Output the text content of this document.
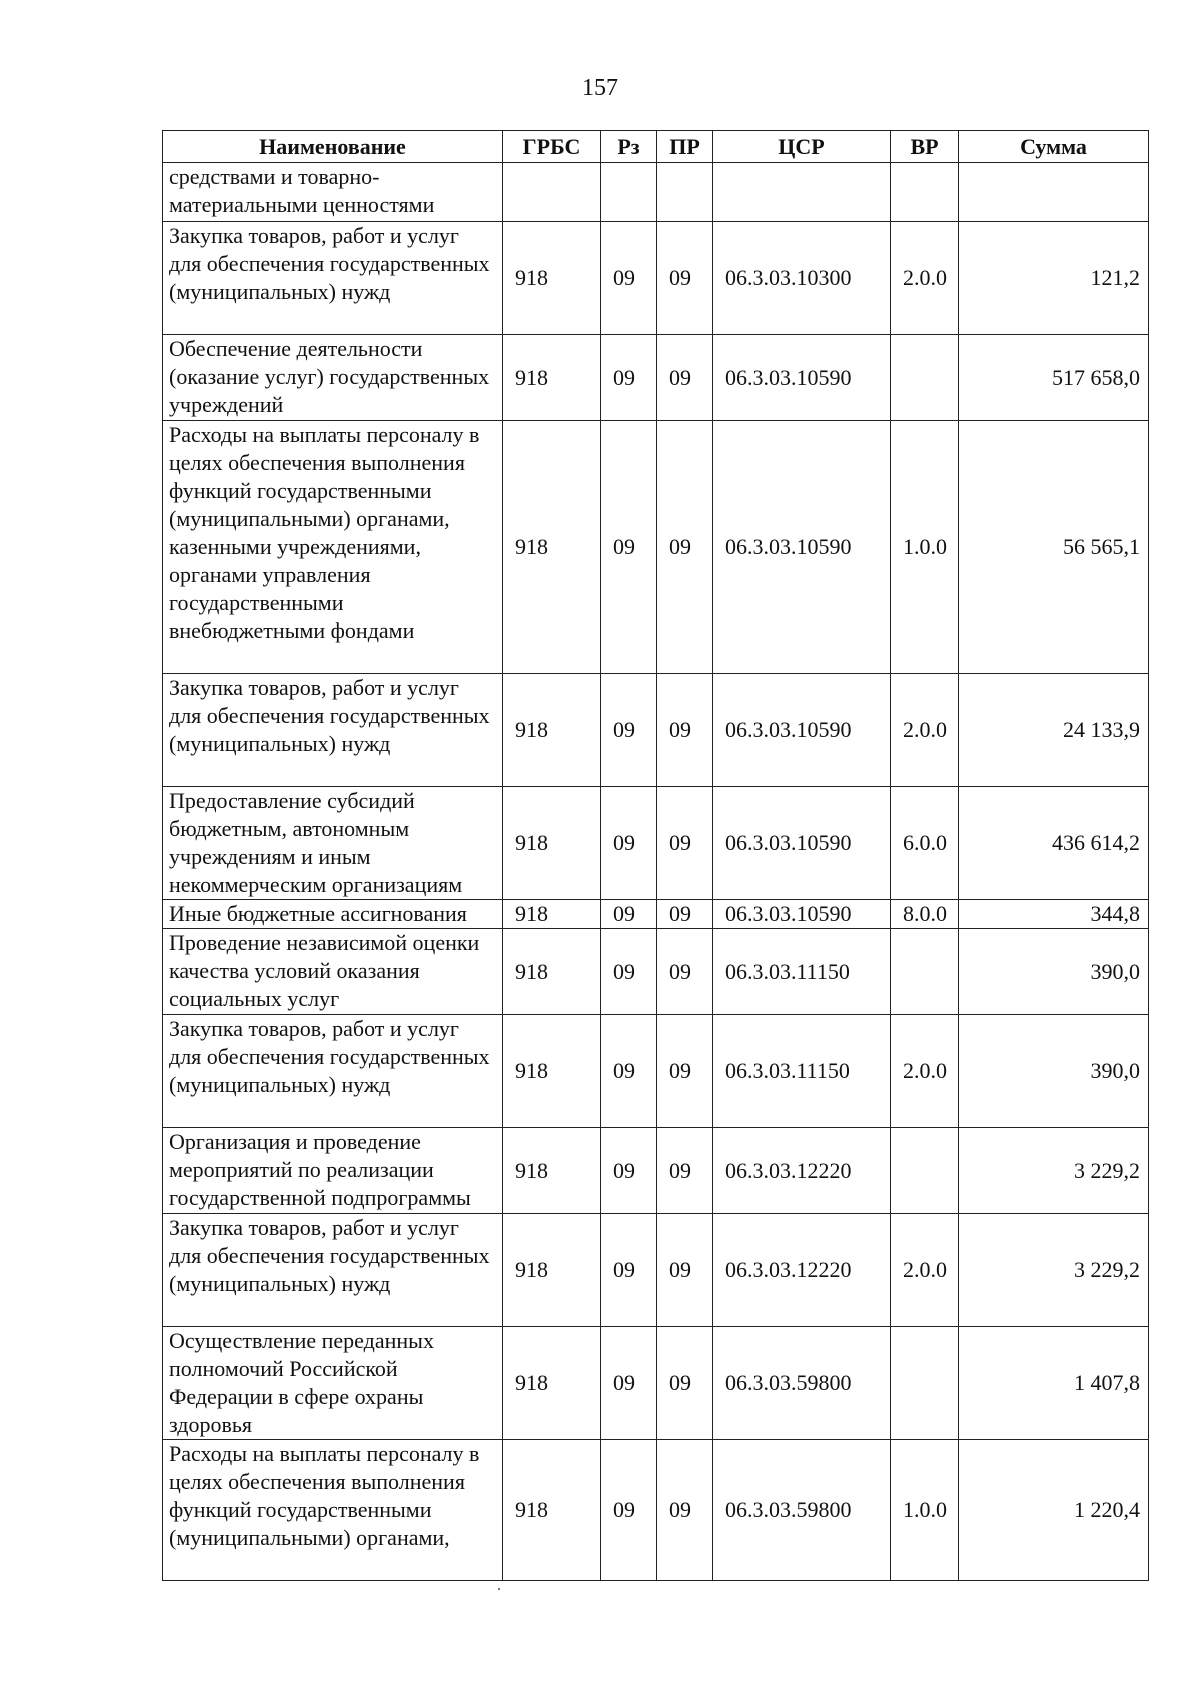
157
Наименование	ГРБС	Рз	ПР	ЦСР	ВР	Сумма
средствами и товарно-материальными ценностями						
Закупка товаров, работ и услуг для обеспечения государственных (муниципальных) нужд	918	09	09	06.3.03.10300	2.0.0	121,2
Обеспечение деятельности (оказание услуг) государственных учреждений	918	09	09	06.3.03.10590		517 658,0
Расходы на выплаты персоналу в целях обеспечения выполнения функций государственными (муниципальными) органами, казенными учреждениями, органами управления государственными внебюджетными фондами	918	09	09	06.3.03.10590	1.0.0	56 565,1
Закупка товаров, работ и услуг для обеспечения государственных (муниципальных) нужд	918	09	09	06.3.03.10590	2.0.0	24 133,9
Предоставление субсидий бюджетным, автономным учреждениям и иным некоммерческим организациям	918	09	09	06.3.03.10590	6.0.0	436 614,2
Иные бюджетные ассигнования	918	09	09	06.3.03.10590	8.0.0	344,8
Проведение независимой оценки качества условий оказания социальных услуг	918	09	09	06.3.03.11150		390,0
Закупка товаров, работ и услуг для обеспечения государственных (муниципальных) нужд	918	09	09	06.3.03.11150	2.0.0	390,0
Организация и проведение мероприятий по реализации государственной подпрограммы	918	09	09	06.3.03.12220		3 229,2
Закупка товаров, работ и услуг для обеспечения государственных (муниципальных) нужд	918	09	09	06.3.03.12220	2.0.0	3 229,2
Осуществление переданных полномочий Российской Федерации в сфере охраны здоровья	918	09	09	06.3.03.59800		1 407,8
Расходы на выплаты персоналу в целях обеспечения выполнения функций государственными (муниципальными) органами,	918	09	09	06.3.03.59800	1.0.0	1 220,4
